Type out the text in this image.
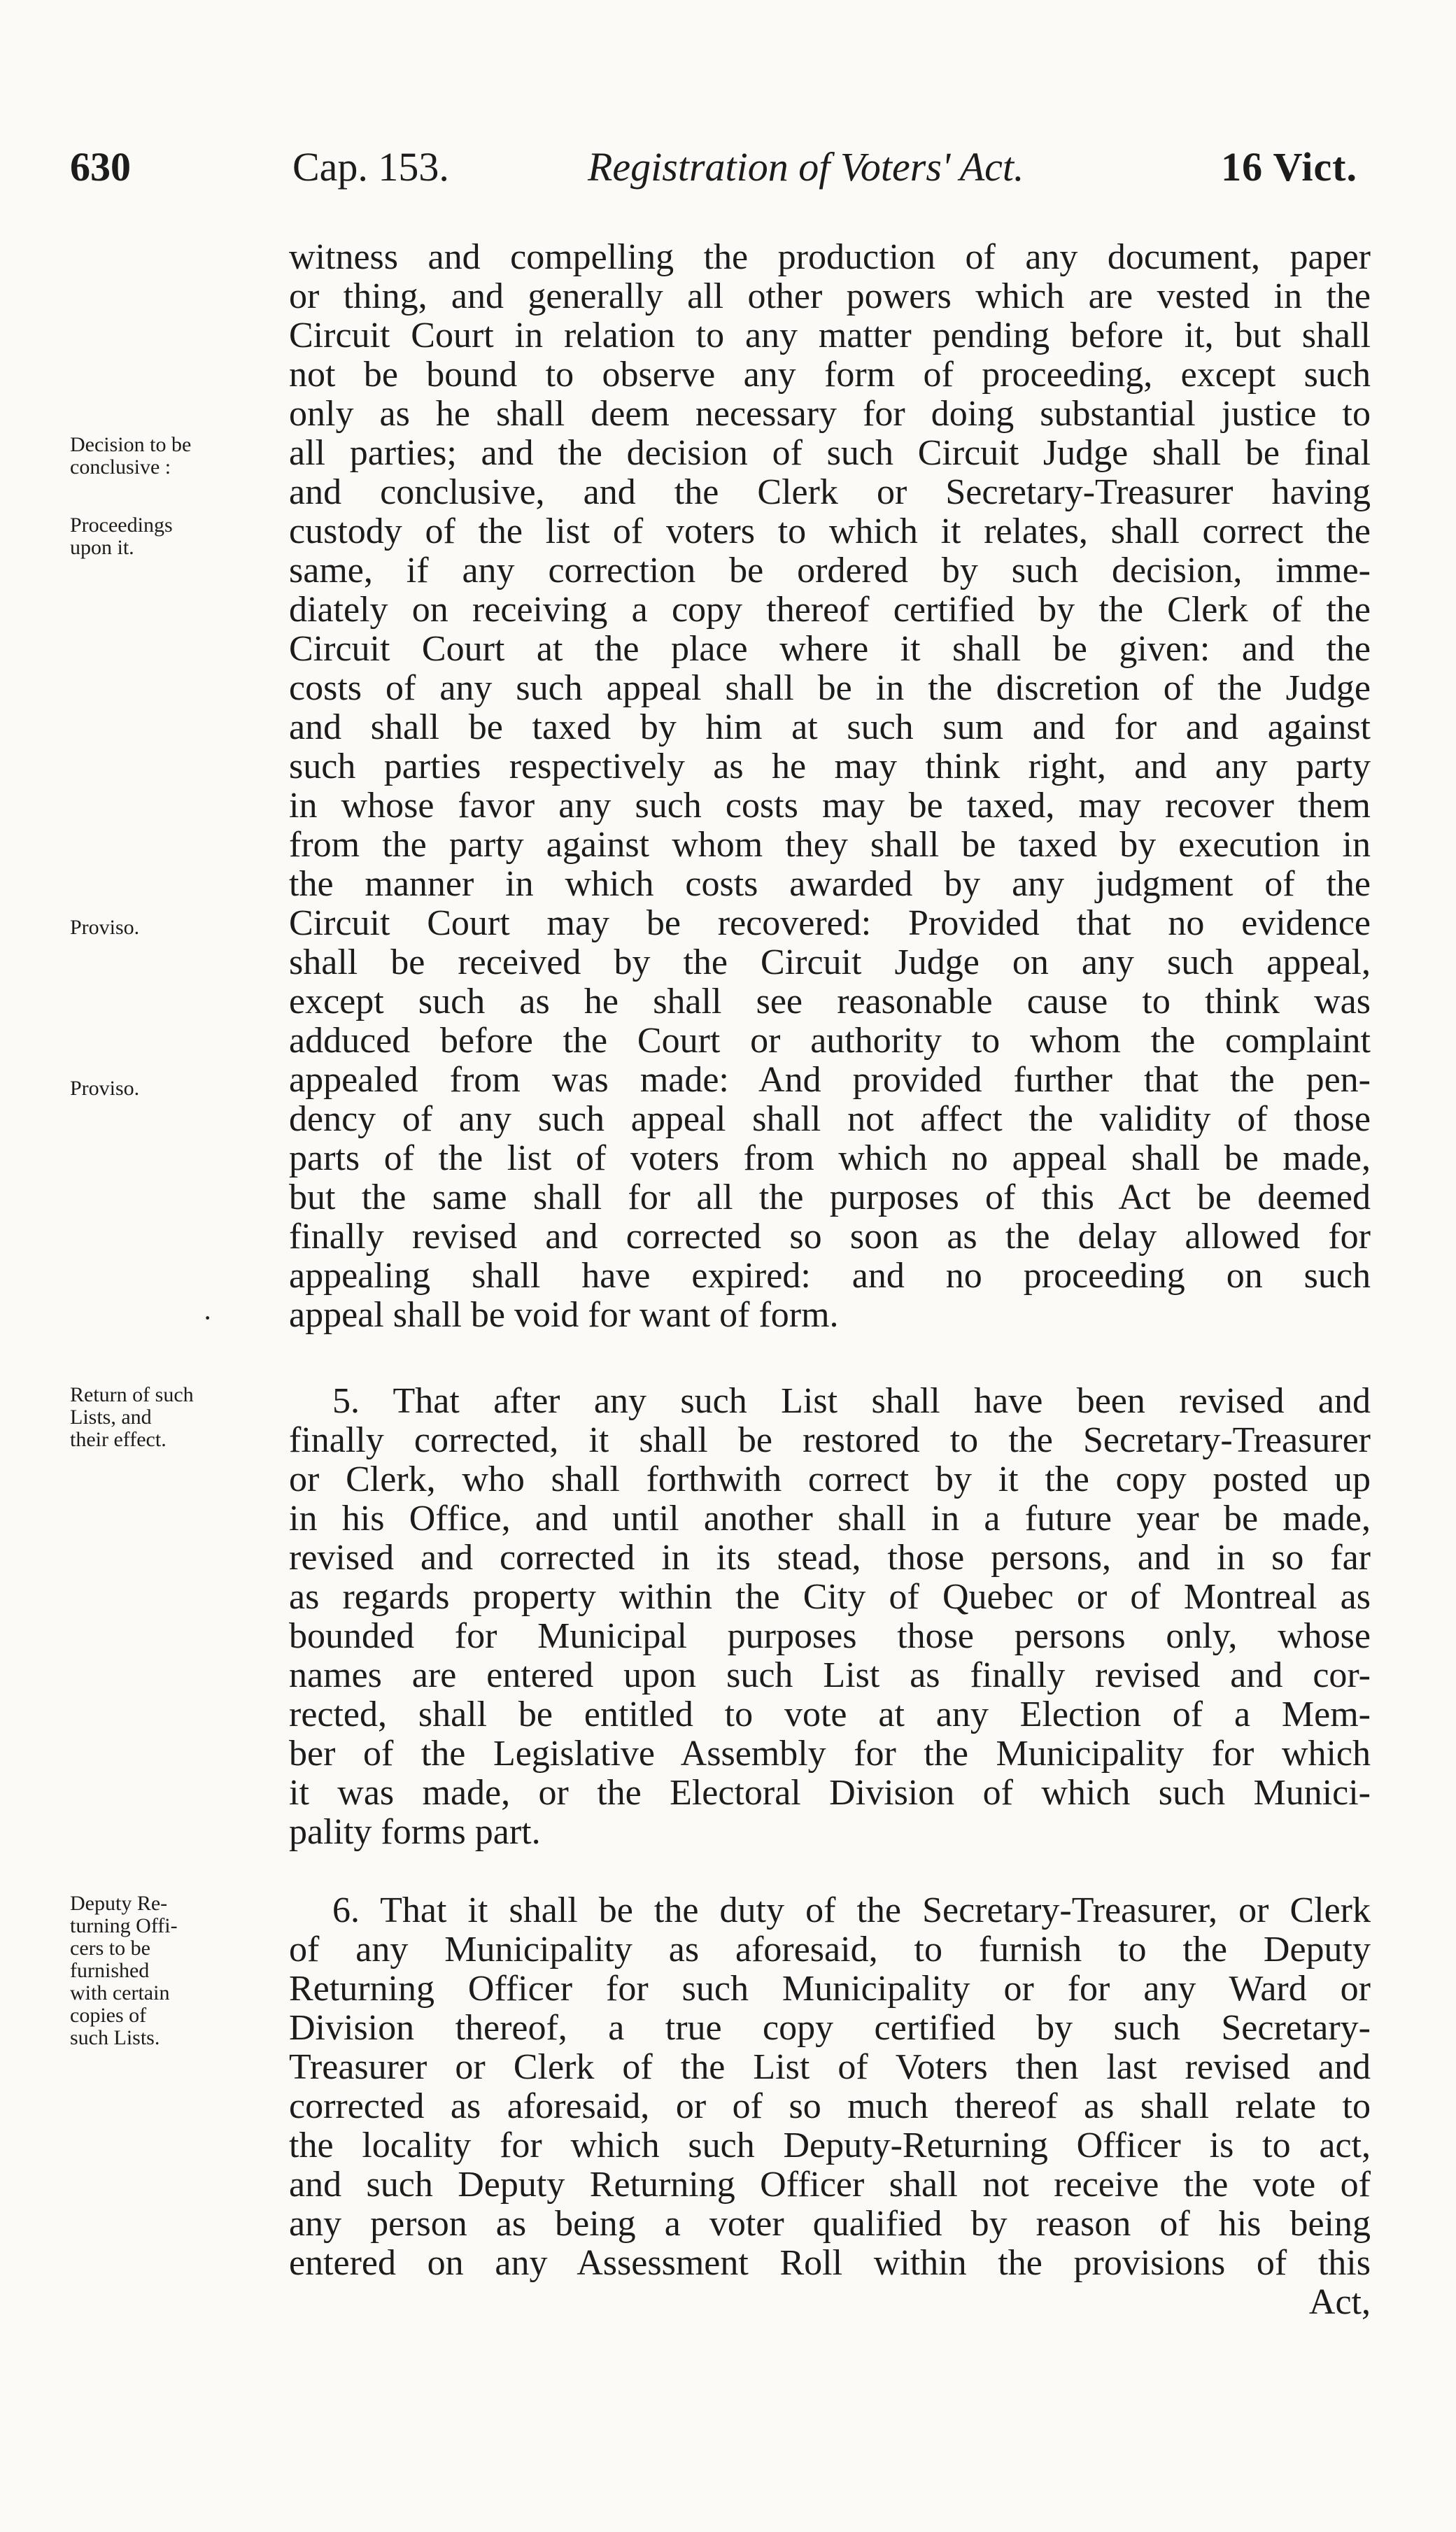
630	Cap. 153.	Registration of Voters' Act.	16 Vict.
Decision to be
conclusive :
Proceedings
upon it.
Proviso.
Proviso.
Return of such
Lists, and
their effect.
Deputy Re-
turning Offi-
cers to be
furnished
with certain
copies of
such Lists.
·
witness and compelling the production of any document, paper
or thing, and generally all other powers which are vested in the
Circuit Court in relation to any matter pending before it, but shall
not be bound to observe any form of proceeding, except such
only as he shall deem necessary for doing substantial justice to
all parties; and the decision of such Circuit Judge shall be final
and conclusive, and the Clerk or Secretary-Treasurer having
custody of the list of voters to which it relates, shall correct the
same, if any correction be ordered by such decision, imme-
diately on receiving a copy thereof certified by the Clerk of the
Circuit Court at the place where it shall be given: and the
costs of any such appeal shall be in the discretion of the Judge
and shall be taxed by him at such sum and for and against
such parties respectively as he may think right, and any party
in whose favor any such costs may be taxed, may recover them
from the party against whom they shall be taxed by execution in
the manner in which costs awarded by any judgment of the
Circuit Court may be recovered: Provided that no evidence
shall be received by the Circuit Judge on any such appeal,
except such as he shall see reasonable cause to think was
adduced before the Court or authority to whom the complaint
appealed from was made: And provided further that the pen-
dency of any such appeal shall not affect the validity of those
parts of the list of voters from which no appeal shall be made,
but the same shall for all the purposes of this Act be deemed
finally revised and corrected so soon as the delay allowed for
appealing shall have expired: and no proceeding on such
appeal shall be void for want of form.
5. That after any such List shall have been revised and
finally corrected, it shall be restored to the Secretary-Treasurer
or Clerk, who shall forthwith correct by it the copy posted up
in his Office, and until another shall in a future year be made,
revised and corrected in its stead, those persons, and in so far
as regards property within the City of Quebec or of Montreal as
bounded for Municipal purposes those persons only, whose
names are entered upon such List as finally revised and cor-
rected, shall be entitled to vote at any Election of a Mem-
ber of the Legislative Assembly for the Municipality for which
it was made, or the Electoral Division of which such Munici-
pality forms part.
6. That it shall be the duty of the Secretary-Treasurer, or Clerk
of any Municipality as aforesaid, to furnish to the Deputy
Returning Officer for such Municipality or for any Ward or
Division thereof, a true copy certified by such Secretary-
Treasurer or Clerk of the List of Voters then last revised and
corrected as aforesaid, or of so much thereof as shall relate to
the locality for which such Deputy-Returning Officer is to act,
and such Deputy Returning Officer shall not receive the vote of
any person as being a voter qualified by reason of his being
entered on any Assessment Roll within the provisions of this
Act,
